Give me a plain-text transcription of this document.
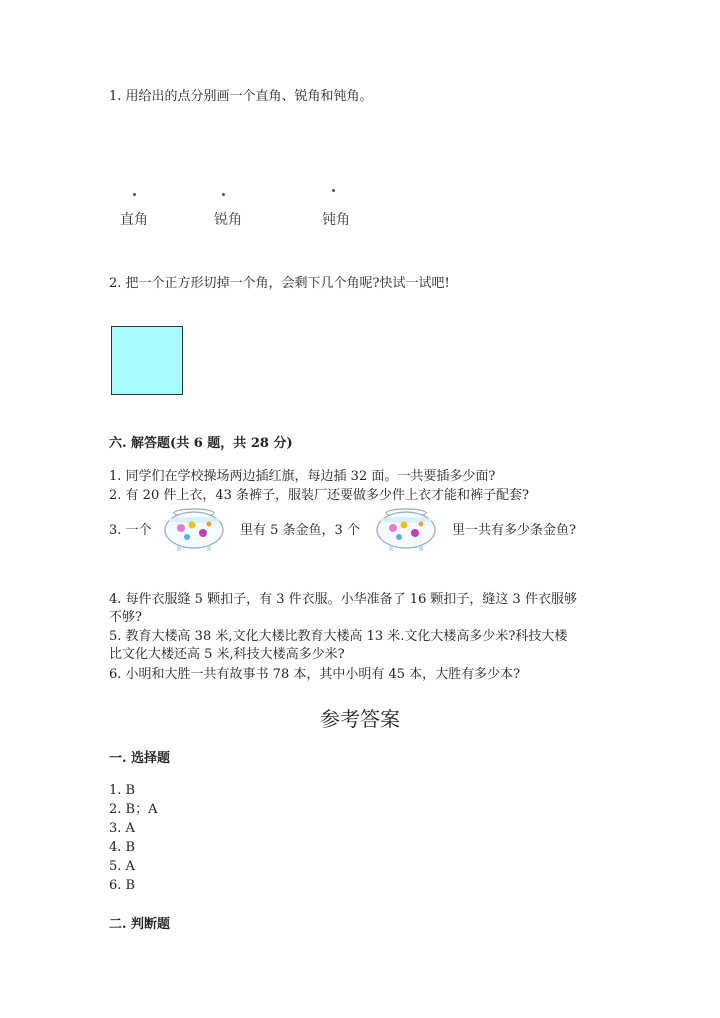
1. 用给出的点分别画一个直角、锐角和钝角。
直角	锐角	钝角
2. 把一个正方形切掉一个角，会剩下几个角呢?快试一试吧!
六. 解答题(共 6 题，共 28 分)
1. 同学们在学校操场两边插红旗，每边插 32 面。一共要插多少面?
2. 有 20 件上衣，43 条裤子，服装厂还要做多少件上衣才能和裤子配套?
3. 一个	里有 5 条金鱼，3 个	里一共有多少条金鱼?
4. 每件衣服缝 5 颗扣子，有 3 件衣服。小华准备了 16 颗扣子，缝这 3 件衣服够
不够?
5. 教育大楼高 38 米,文化大楼比教育大楼高 13 米.文化大楼高多少米?科技大楼
比文化大楼还高 5 米,科技大楼高多少米?
6. 小明和大胜一共有故事书 78 本，其中小明有 45 本，大胜有多少本?
参考答案
一. 选择题
1. B
2. B；A
3. A
4. B
5. A
6. B
二. 判断题
